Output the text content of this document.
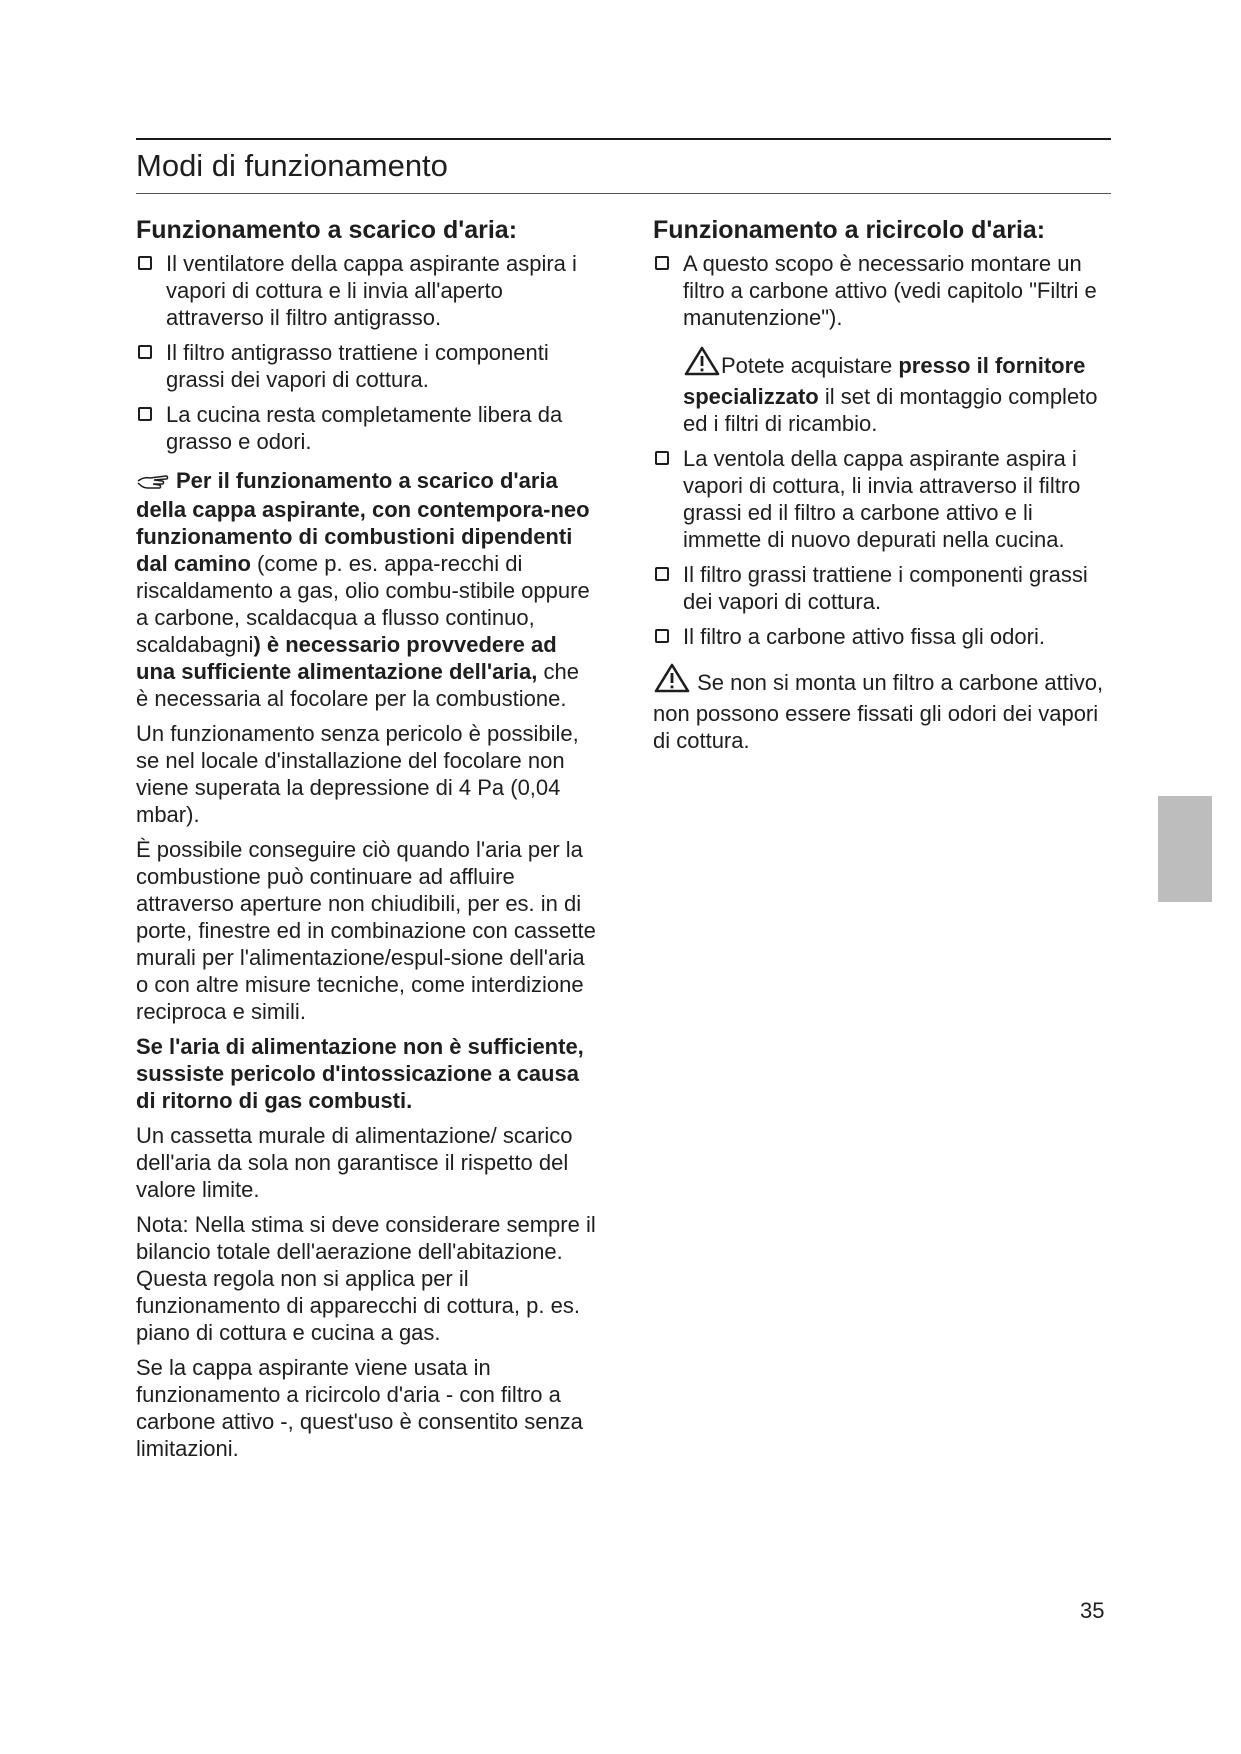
Modi di funzionamento
Funzionamento a scarico d'aria:
Il ventilatore della cappa aspirante aspira i vapori di cottura e li invia all'aperto attraverso il filtro antigrasso.
Il filtro antigrasso trattiene i componenti grassi dei vapori di cottura.
La cucina resta completamente libera da grasso e odori.

Per il funzionamento a scarico d'aria della cappa aspirante, con contempora-neo funzionamento di combustioni dipendenti dal camino (come p. es. appa-recchi di riscaldamento a gas, olio combu-stibile oppure a carbone, scaldacqua a flusso continuo, scaldabagni) è necessario provvedere ad una sufficiente alimentazione dell'aria, che è necessaria al focolare per la combustione.

Un funzionamento senza pericolo è possibile, se nel locale d'installazione del focolare non viene superata la depressione di 4 Pa (0,04 mbar).

È possibile conseguire ciò quando l'aria per la combustione può continuare ad affluire attraverso aperture non chiudibili, per es. in di porte, finestre ed in combinazione con cassette murali per l'alimentazione/espul-sione dell'aria o con altre misure tecniche, come interdizione reciproca e simili.

Se l'aria di alimentazione non è sufficiente, sussiste pericolo d'intossicazione a causa di ritorno di gas combusti.

Un cassetta murale di alimentazione/ scarico dell'aria da sola non garantisce il rispetto del valore limite.

Nota: Nella stima si deve considerare sempre il bilancio totale dell'aerazione dell'abitazione. Questa regola non si applica per il funzionamento di apparecchi di cottura, p. es. piano di cottura e cucina a gas.

Se la cappa aspirante viene usata in funzionamento a ricircolo d'aria - con filtro a carbone attivo -, quest'uso è consentito senza limitazioni.

Funzionamento a ricircolo d'aria:
A questo scopo è necessario montare un filtro a carbone attivo (vedi capitolo "Filtri e manutenzione").

Potete acquistare presso il fornitore specializzato il set di montaggio completo ed i filtri di ricambio.

La ventola della cappa aspirante aspira i vapori di cottura, li invia attraverso il filtro grassi ed il filtro a carbone attivo e li immette di nuovo depurati nella cucina.
Il filtro grassi trattiene i componenti grassi dei vapori di cottura.
Il filtro a carbone attivo fissa gli odori.

Se non si monta un filtro a carbone attivo, non possono essere fissati gli odori dei vapori di cottura.

35
